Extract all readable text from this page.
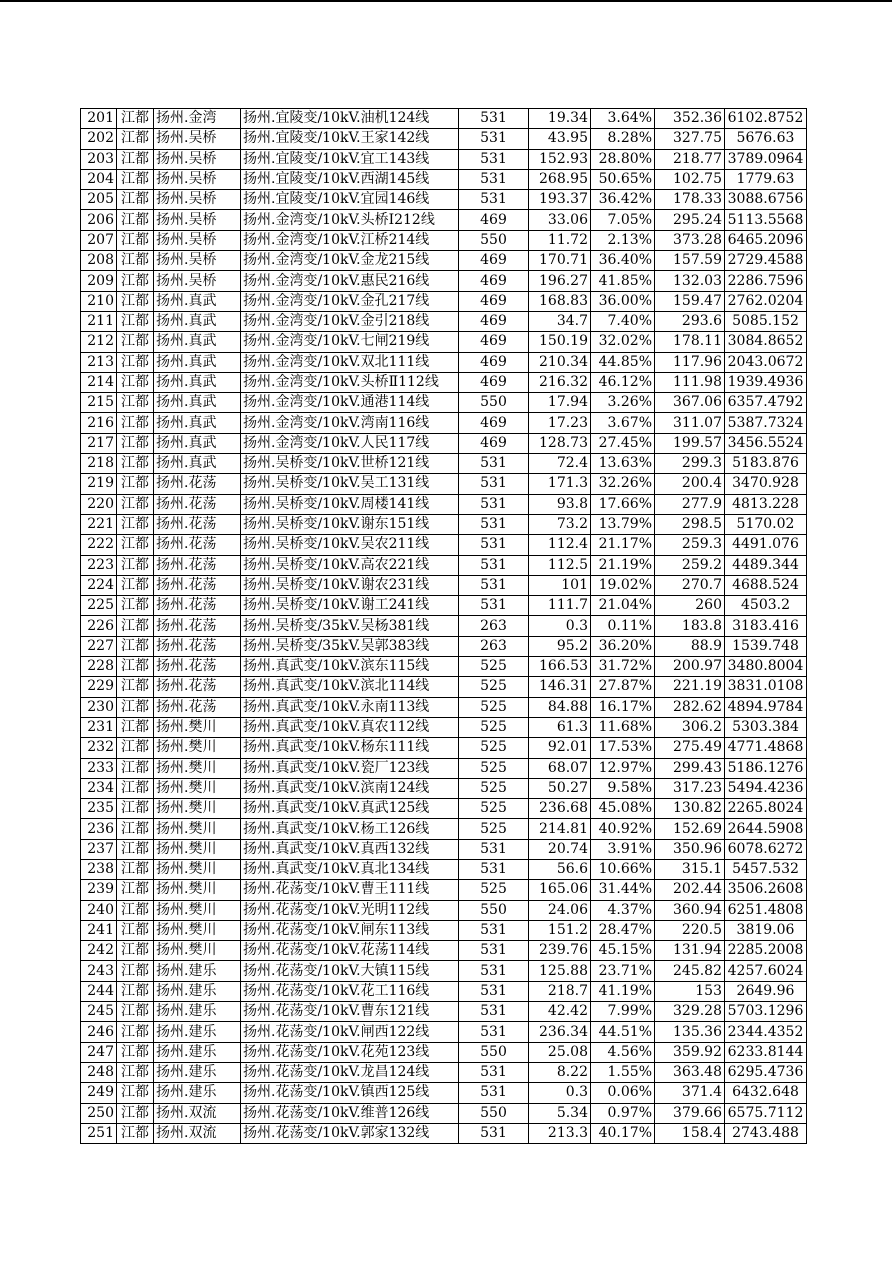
201	江都	扬州.金湾	扬州.宜陵变/10kV.油机124线	531	19.34	3.64%	352.36	6102.8752
202	江都	扬州.吴桥	扬州.宜陵变/10kV.王家142线	531	43.95	8.28%	327.75	5676.63
203	江都	扬州.吴桥	扬州.宜陵变/10kV.宜工143线	531	152.93	28.80%	218.77	3789.0964
204	江都	扬州.吴桥	扬州.宜陵变/10kV.西湖145线	531	268.95	50.65%	102.75	1779.63
205	江都	扬州.吴桥	扬州.宜陵变/10kV.宜园146线	531	193.37	36.42%	178.33	3088.6756
206	江都	扬州.吴桥	扬州.金湾变/10kV.头桥Ⅰ212线	469	33.06	7.05%	295.24	5113.5568
207	江都	扬州.吴桥	扬州.金湾变/10kV.江桥214线	550	11.72	2.13%	373.28	6465.2096
208	江都	扬州.吴桥	扬州.金湾变/10kV.金龙215线	469	170.71	36.40%	157.59	2729.4588
209	江都	扬州.吴桥	扬州.金湾变/10kV.惠民216线	469	196.27	41.85%	132.03	2286.7596
210	江都	扬州.真武	扬州.金湾变/10kV.金孔217线	469	168.83	36.00%	159.47	2762.0204
211	江都	扬州.真武	扬州.金湾变/10kV.金引218线	469	34.7	7.40%	293.6	5085.152
212	江都	扬州.真武	扬州.金湾变/10kV.七闸219线	469	150.19	32.02%	178.11	3084.8652
213	江都	扬州.真武	扬州.金湾变/10kV.双北111线	469	210.34	44.85%	117.96	2043.0672
214	江都	扬州.真武	扬州.金湾变/10kV.头桥Ⅱ112线	469	216.32	46.12%	111.98	1939.4936
215	江都	扬州.真武	扬州.金湾变/10kV.通港114线	550	17.94	3.26%	367.06	6357.4792
216	江都	扬州.真武	扬州.金湾变/10kV.湾南116线	469	17.23	3.67%	311.07	5387.7324
217	江都	扬州.真武	扬州.金湾变/10kV.人民117线	469	128.73	27.45%	199.57	3456.5524
218	江都	扬州.真武	扬州.吴桥变/10kV.世桥121线	531	72.4	13.63%	299.3	5183.876
219	江都	扬州.花荡	扬州.吴桥变/10kV.吴工131线	531	171.3	32.26%	200.4	3470.928
220	江都	扬州.花荡	扬州.吴桥变/10kV.周楼141线	531	93.8	17.66%	277.9	4813.228
221	江都	扬州.花荡	扬州.吴桥变/10kV.谢东151线	531	73.2	13.79%	298.5	5170.02
222	江都	扬州.花荡	扬州.吴桥变/10kV.吴农211线	531	112.4	21.17%	259.3	4491.076
223	江都	扬州.花荡	扬州.吴桥变/10kV.高农221线	531	112.5	21.19%	259.2	4489.344
224	江都	扬州.花荡	扬州.吴桥变/10kV.谢农231线	531	101	19.02%	270.7	4688.524
225	江都	扬州.花荡	扬州.吴桥变/10kV.谢工241线	531	111.7	21.04%	260	4503.2
226	江都	扬州.花荡	扬州.吴桥变/35kV.吴杨381线	263	0.3	0.11%	183.8	3183.416
227	江都	扬州.花荡	扬州.吴桥变/35kV.吴郭383线	263	95.2	36.20%	88.9	1539.748
228	江都	扬州.花荡	扬州.真武变/10kV.滨东115线	525	166.53	31.72%	200.97	3480.8004
229	江都	扬州.花荡	扬州.真武变/10kV.滨北114线	525	146.31	27.87%	221.19	3831.0108
230	江都	扬州.花荡	扬州.真武变/10kV.永南113线	525	84.88	16.17%	282.62	4894.9784
231	江都	扬州.樊川	扬州.真武变/10kV.真农112线	525	61.3	11.68%	306.2	5303.384
232	江都	扬州.樊川	扬州.真武变/10kV.杨东111线	525	92.01	17.53%	275.49	4771.4868
233	江都	扬州.樊川	扬州.真武变/10kV.瓷厂123线	525	68.07	12.97%	299.43	5186.1276
234	江都	扬州.樊川	扬州.真武变/10kV.滨南124线	525	50.27	9.58%	317.23	5494.4236
235	江都	扬州.樊川	扬州.真武变/10kV.真武125线	525	236.68	45.08%	130.82	2265.8024
236	江都	扬州.樊川	扬州.真武变/10kV.杨工126线	525	214.81	40.92%	152.69	2644.5908
237	江都	扬州.樊川	扬州.真武变/10kV.真西132线	531	20.74	3.91%	350.96	6078.6272
238	江都	扬州.樊川	扬州.真武变/10kV.真北134线	531	56.6	10.66%	315.1	5457.532
239	江都	扬州.樊川	扬州.花荡变/10kV.曹王111线	525	165.06	31.44%	202.44	3506.2608
240	江都	扬州.樊川	扬州.花荡变/10kV.光明112线	550	24.06	4.37%	360.94	6251.4808
241	江都	扬州.樊川	扬州.花荡变/10kV.闸东113线	531	151.2	28.47%	220.5	3819.06
242	江都	扬州.樊川	扬州.花荡变/10kV.花荡114线	531	239.76	45.15%	131.94	2285.2008
243	江都	扬州.建乐	扬州.花荡变/10kV.大镇115线	531	125.88	23.71%	245.82	4257.6024
244	江都	扬州.建乐	扬州.花荡变/10kV.花工116线	531	218.7	41.19%	153	2649.96
245	江都	扬州.建乐	扬州.花荡变/10kV.曹东121线	531	42.42	7.99%	329.28	5703.1296
246	江都	扬州.建乐	扬州.花荡变/10kV.闸西122线	531	236.34	44.51%	135.36	2344.4352
247	江都	扬州.建乐	扬州.花荡变/10kV.花苑123线	550	25.08	4.56%	359.92	6233.8144
248	江都	扬州.建乐	扬州.花荡变/10kV.龙昌124线	531	8.22	1.55%	363.48	6295.4736
249	江都	扬州.建乐	扬州.花荡变/10kV.镇西125线	531	0.3	0.06%	371.4	6432.648
250	江都	扬州.双流	扬州.花荡变/10kV.维普126线	550	5.34	0.97%	379.66	6575.7112
251	江都	扬州.双流	扬州.花荡变/10kV.郭家132线	531	213.3	40.17%	158.4	2743.488
